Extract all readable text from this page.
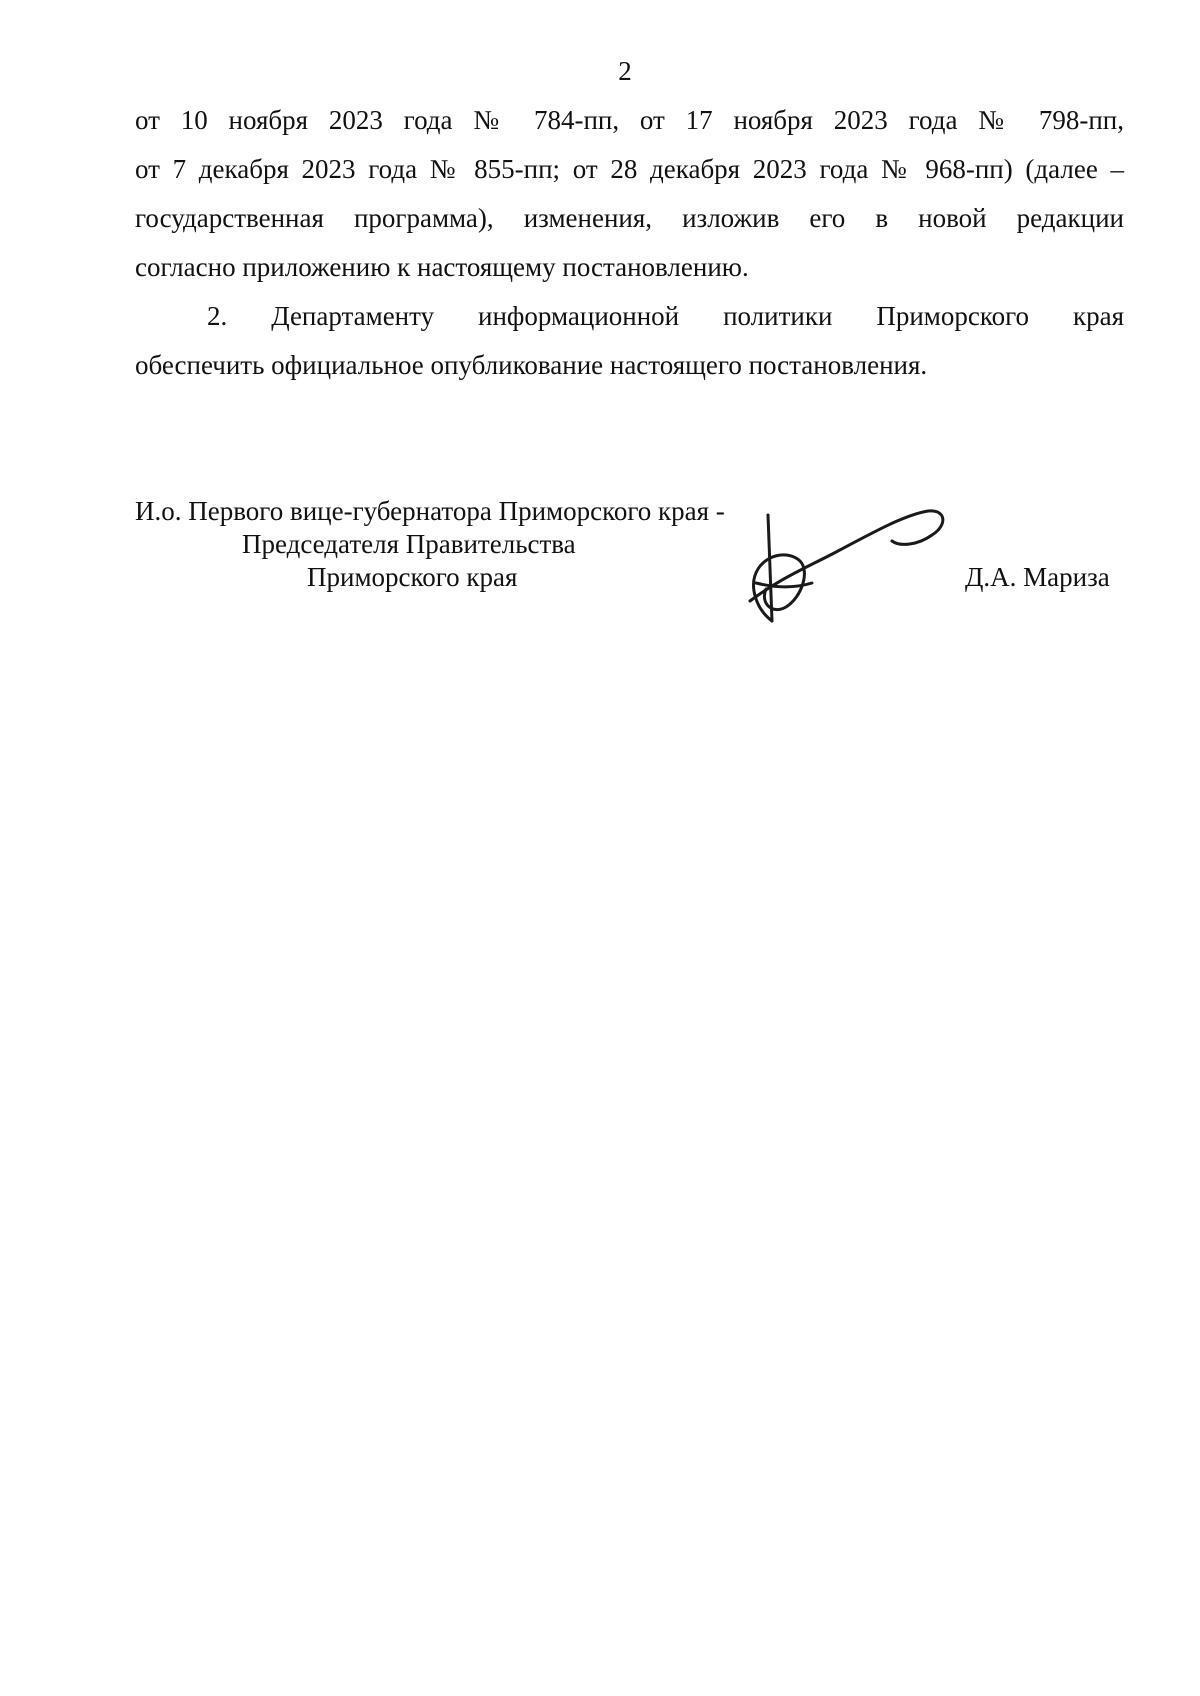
2
от 10 ноября 2023 года № 784-пп, от 17 ноября 2023 года № 798-пп,
от 7 декабря 2023 года № 855-пп; от 28 декабря 2023 года № 968-пп) (далее –
государственная программа), изменения, изложив его в новой редакции
согласно приложению к настоящему постановлению.
2. Департаменту информационной политики Приморского края
обеспечить официальное опубликование настоящего постановления.
И.о. Первого вице-губернатора Приморского края -
Председателя Правительства
Приморского края	Д.А. Мариза
